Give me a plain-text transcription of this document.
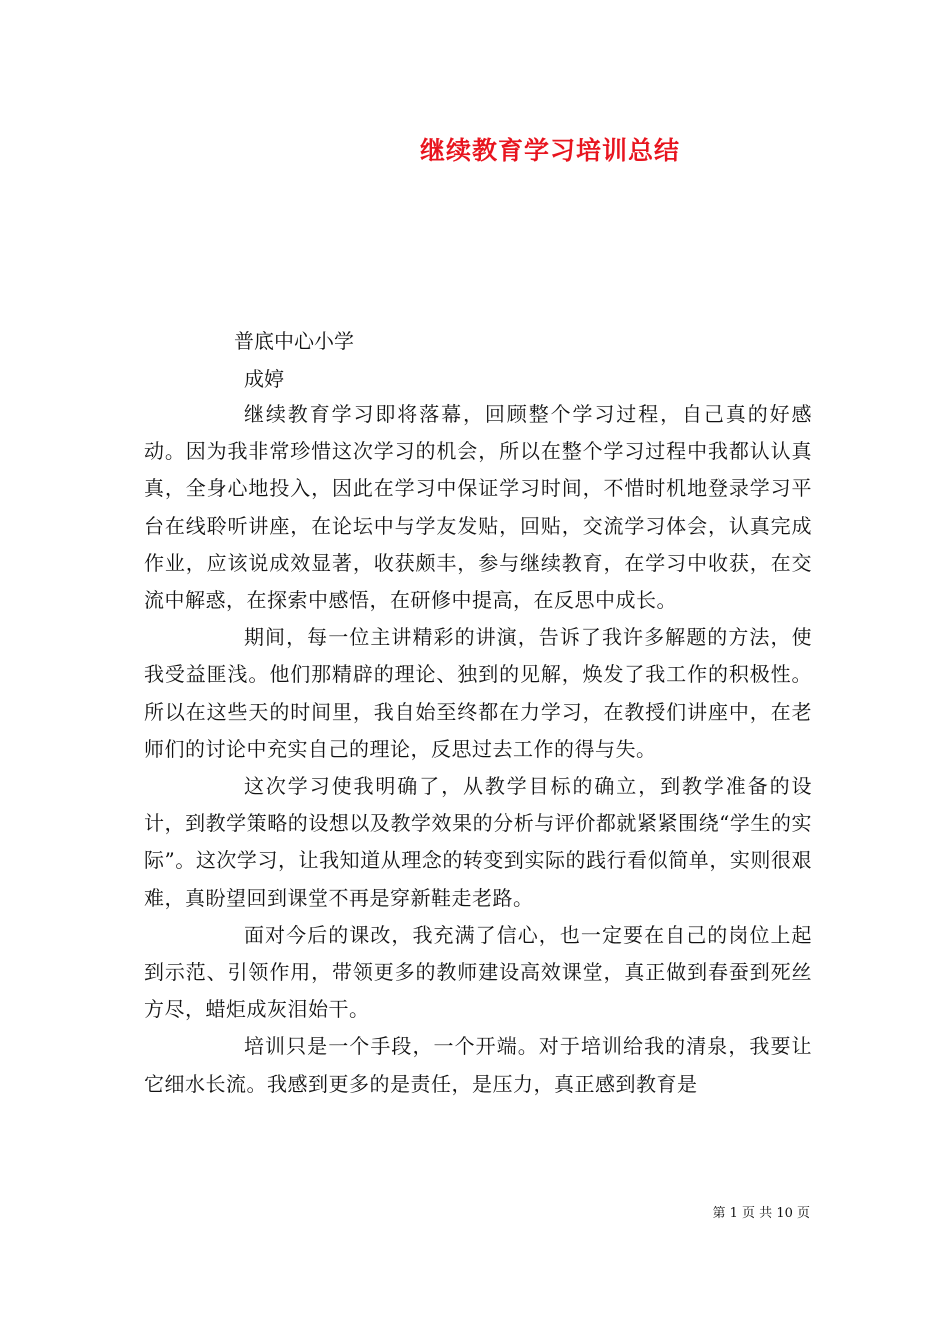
继续教育学习培训总结
普底中心小学
成婷

继续教育学习即将落幕，回顾整个学习过程，自己真的好感动。因为我非常珍惜这次学习的机会，所以在整个学习过程中我都认认真真，全身心地投入，因此在学习中保证学习时间，不惜时机地登录学习平台在线聆听讲座，在论坛中与学友发贴，回贴，交流学习体会，认真完成作业，应该说成效显著，收获颇丰，参与继续教育，在学习中收获，在交流中解惑，在探索中感悟，在研修中提高，在反思中成长。

期间，每一位主讲精彩的讲演，告诉了我许多解题的方法，使我受益匪浅。他们那精辟的理论、独到的见解，焕发了我工作的积极性。所以在这些天的时间里，我自始至终都在力学习，在教授们讲座中，在老师们的讨论中充实自己的理论，反思过去工作的得与失。

这次学习使我明确了，从教学目标的确立，到教学准备的设计，到教学策略的设想以及教学效果的分析与评价都就紧紧围绕“学生的实际”。这次学习，让我知道从理念的转变到实际的践行看似简单，实则很艰难，真盼望回到课堂不再是穿新鞋走老路。

面对今后的课改，我充满了信心，也一定要在自己的岗位上起到示范、引领作用，带领更多的教师建设高效课堂，真正做到春蚕到死丝方尽，蜡炬成灰泪始干。

培训只是一个手段，一个开端。对于培训给我的清泉，我要让它细水长流。我感到更多的是责任，是压力，真正感到教育是

第 1 页 共 10 页
